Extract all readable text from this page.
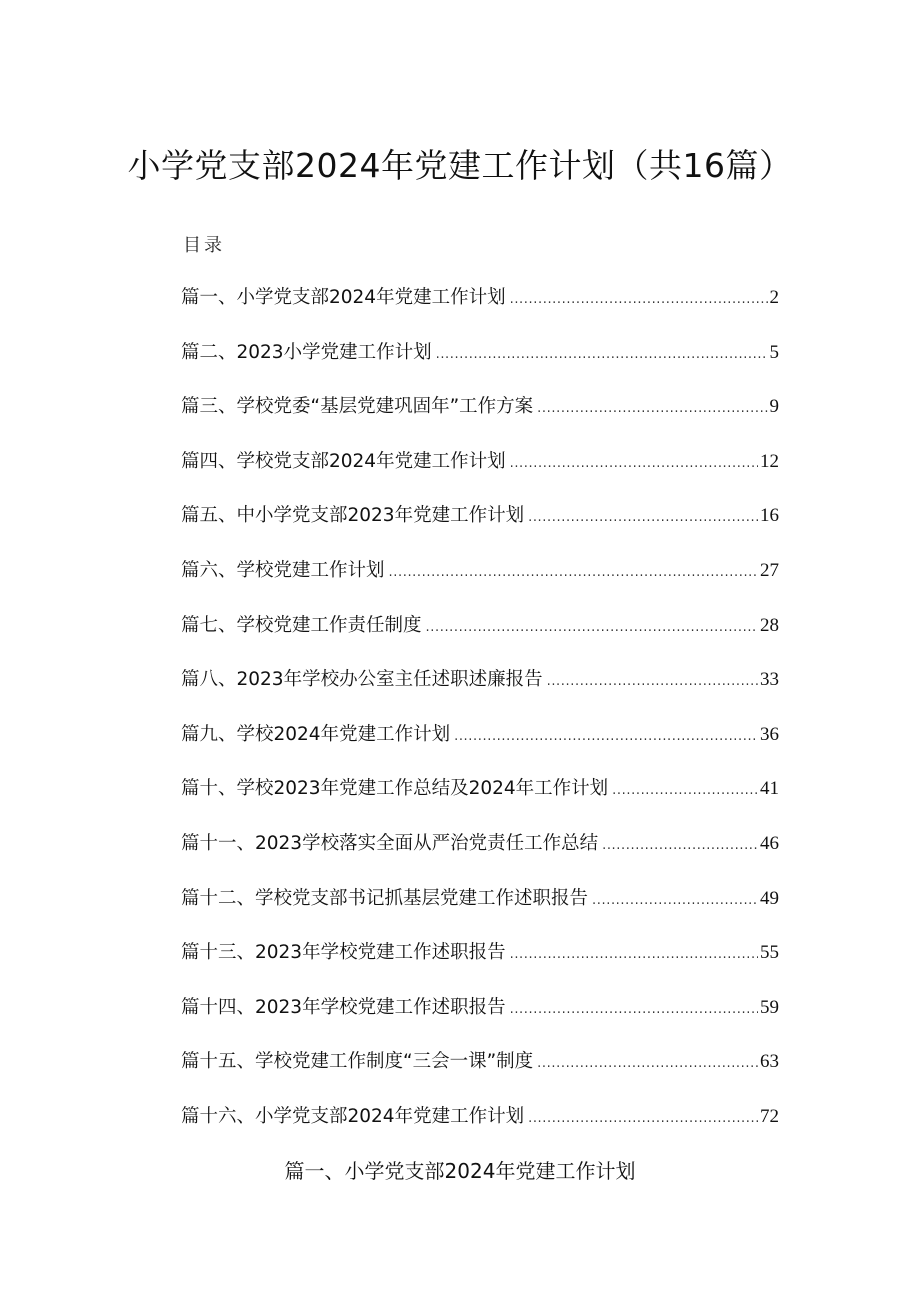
小学党支部2024年党建工作计划（共16篇）
目录
篇一、小学党支部2024年党建工作计划 .....	2
篇二、2023小学党建工作计划 .....	5
篇三、学校党委“基层党建巩固年”工作方案 .....	9
篇四、学校党支部2024年党建工作计划 .....	12
篇五、中小学党支部2023年党建工作计划 .....	16
篇六、学校党建工作计划 .....	27
篇七、学校党建工作责任制度 .....	28
篇八、2023年学校办公室主任述职述廉报告 .....	33
篇九、学校2024年党建工作计划 .....	36
篇十、学校2023年党建工作总结及2024年工作计划 .....	41
篇十一、2023学校落实全面从严治党责任工作总结 .....	46
篇十二、学校党支部书记抓基层党建工作述职报告 .....	49
篇十三、2023年学校党建工作述职报告 .....	55
篇十四、2023年学校党建工作述职报告 .....	59
篇十五、学校党建工作制度“三会一课”制度 .....	63
篇十六、小学党支部2024年党建工作计划 .....	72
篇一、小学党支部2024年党建工作计划
